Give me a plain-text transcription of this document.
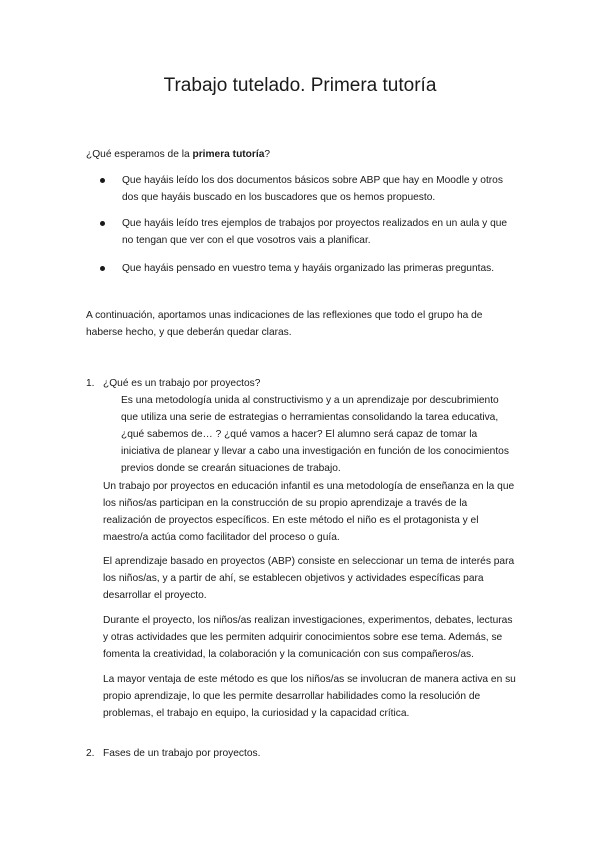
Trabajo tutelado. Primera tutoría

¿Qué esperamos de la primera tutoría?

Que hayáis leído los dos documentos básicos sobre ABP que hay en Moodle y otros dos que hayáis buscado en los buscadores que os hemos propuesto.
Que hayáis leído tres ejemplos de trabajos por proyectos realizados en un aula y que no tengan que ver con el que vosotros vais a planificar.
Que hayáis pensado en vuestro tema y hayáis organizado las primeras preguntas.

A continuación, aportamos unas indicaciones de las reflexiones que todo el grupo ha de haberse hecho, y que deberán quedar claras.

1. ¿Qué es un trabajo por proyectos?

Es una metodología unida al constructivismo y a un aprendizaje por descubrimiento que utiliza una serie de estrategias o herramientas consolidando la tarea educativa, ¿qué sabemos de… ? ¿qué vamos a hacer? El alumno será capaz de tomar la iniciativa de planear y llevar a cabo una investigación en función de los conocimientos previos donde se crearán situaciones de trabajo.

Un trabajo por proyectos en educación infantil es una metodología de enseñanza en la que los niños/as participan en la construcción de su propio aprendizaje a través de la realización de proyectos específicos. En este método el niño es el protagonista y el maestro/a actúa como facilitador del proceso o guía.

El aprendizaje basado en proyectos (ABP) consiste en seleccionar un tema de interés para los niños/as, y a partir de ahí, se establecen objetivos y actividades específicas para desarrollar el proyecto.

Durante el proyecto, los niños/as realizan investigaciones, experimentos, debates, lecturas y otras actividades que les permiten adquirir conocimientos sobre ese tema. Además, se fomenta la creatividad, la colaboración y la comunicación con sus compañeros/as.

La mayor ventaja de este método es que los niños/as se involucran de manera activa en su propio aprendizaje, lo que les permite desarrollar habilidades como la resolución de problemas, el trabajo en equipo, la curiosidad y la capacidad crítica.

2. Fases de un trabajo por proyectos.
